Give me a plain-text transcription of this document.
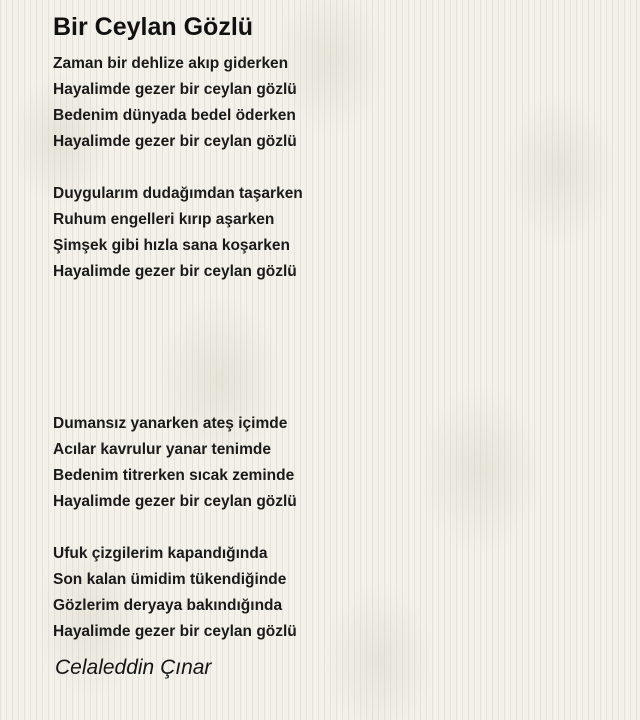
Bir Ceylan Gözlü
Zaman bir dehlize akıp giderken
Hayalimde gezer bir ceylan gözlü
Bedenim dünyada bedel öderken
Hayalimde gezer bir ceylan gözlü
Duygularım dudağımdan taşarken
Ruhum engelleri kırıp aşarken
Şimşek gibi hızla sana koşarken
Hayalimde gezer bir ceylan gözlü
Dumansız yanarken ateş içimde
Acılar kavrulur yanar tenimde
Bedenim titrerken sıcak zeminde
Hayalimde gezer bir ceylan gözlü
Ufuk çizgilerim kapandığında
Son kalan ümidim tükendiğinde
Gözlerim deryaya bakındığında
Hayalimde gezer bir ceylan gözlü
Celaleddin Çınar
